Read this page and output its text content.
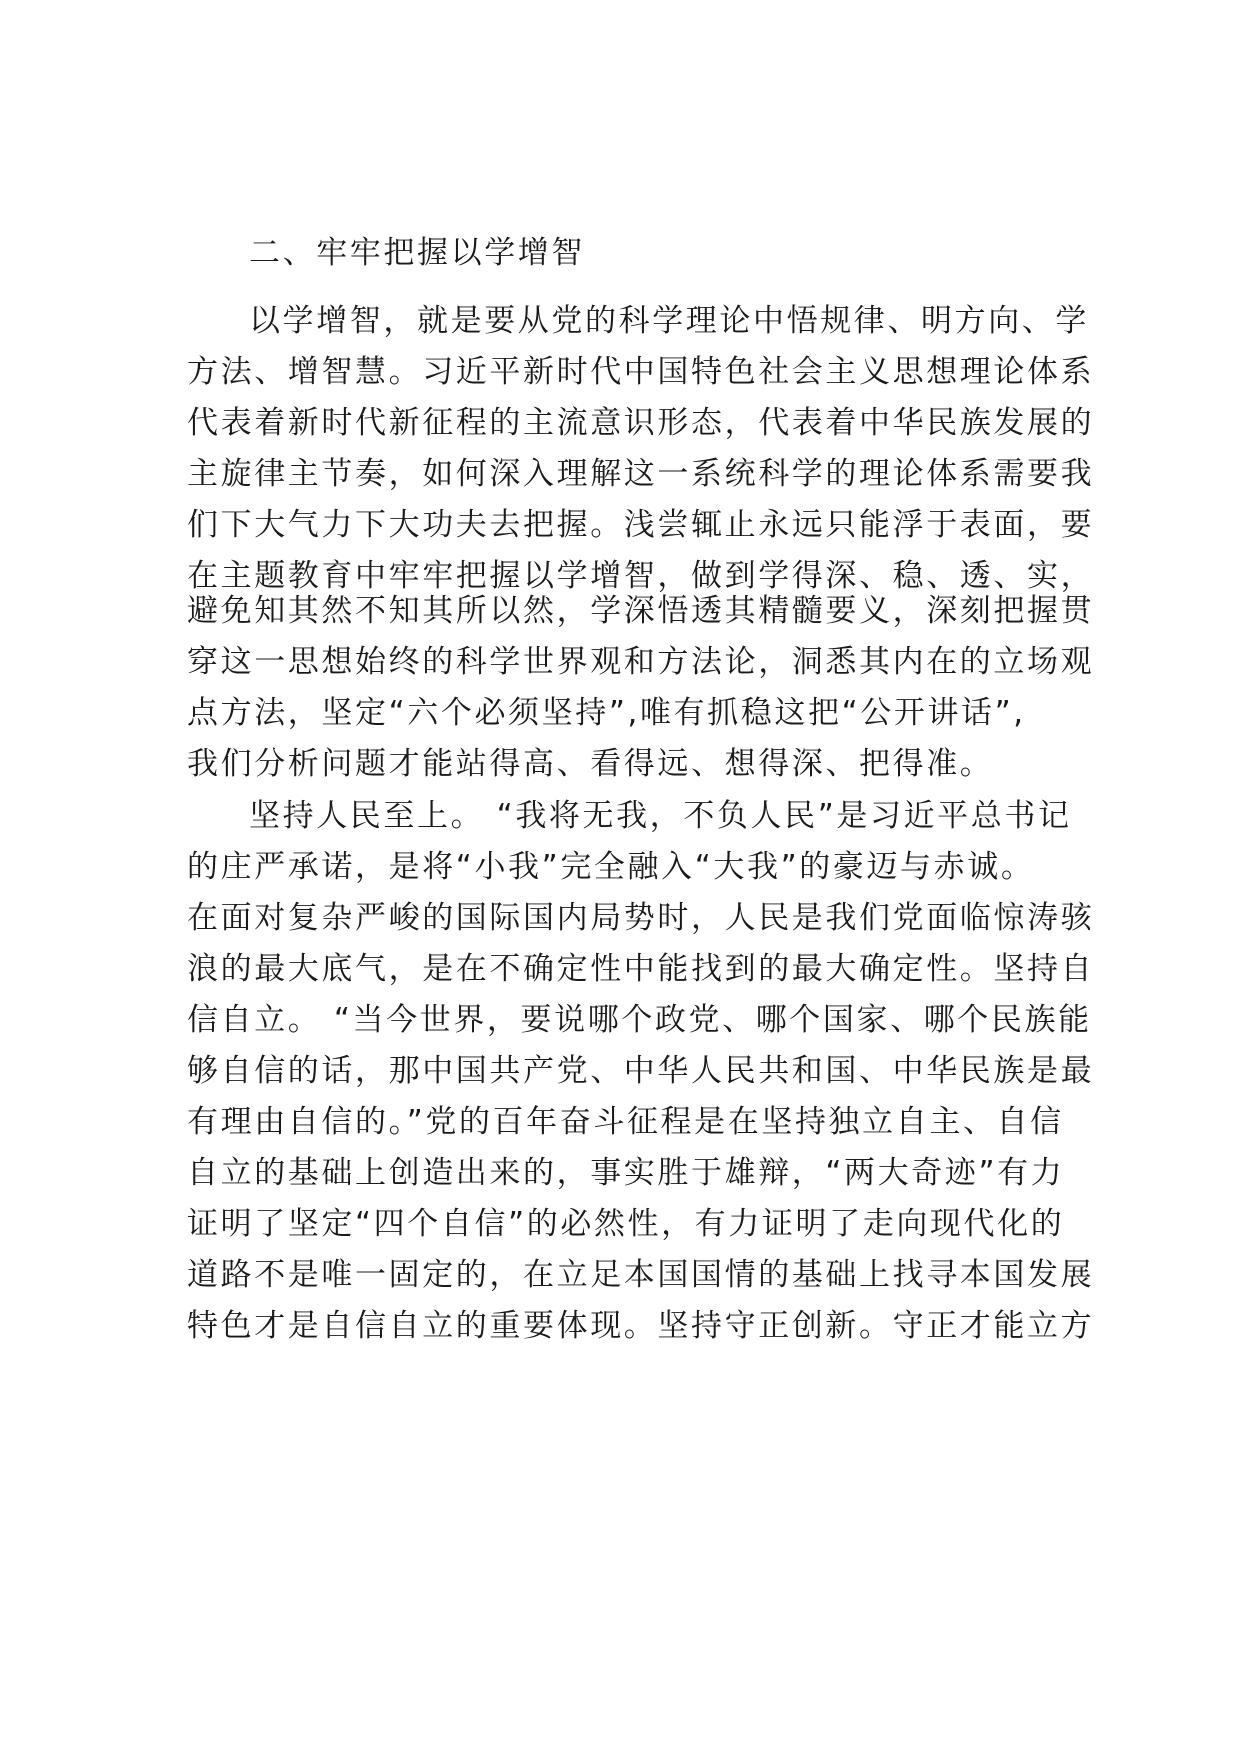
二、牢牢把握以学增智
以学增智，就是要从党的科学理论中悟规律、明方向、学
方法、增智慧。习近平新时代中国特色社会主义思想理论体系
代表着新时代新征程的主流意识形态，代表着中华民族发展的
主旋律主节奏，如何深入理解这一系统科学的理论体系需要我
们下大气力下大功夫去把握。浅尝辄止永远只能浮于表面，要
在主题教育中牢牢把握以学增智，做到学得深、稳、透、实，
避免知其然不知其所以然，学深悟透其精髓要义，深刻把握贯
穿这一思想始终的科学世界观和方法论，洞悉其内在的立场观
点方法，坚定“六个必须坚持”,唯有抓稳这把“公开讲话”,
我们分析问题才能站得高、看得远、想得深、把得准。
坚持人民至上。 “我将无我，不负人民”是习近平总书记
的庄严承诺，是将“小我”完全融入“大我”的豪迈与赤诚。
在面对复杂严峻的国际国内局势时，人民是我们党面临惊涛骇
浪的最大底气，是在不确定性中能找到的最大确定性。坚持自
信自立。 “当今世界，要说哪个政党、哪个国家、哪个民族能
够自信的话，那中国共产党、中华人民共和国、中华民族是最
有理由自信的。”党的百年奋斗征程是在坚持独立自主、自信
自立的基础上创造出来的，事实胜于雄辩，“两大奇迹”有力
证明了坚定“四个自信”的必然性，有力证明了走向现代化的
道路不是唯一固定的，在立足本国国情的基础上找寻本国发展
特色才是自信自立的重要体现。坚持守正创新。守正才能立方
